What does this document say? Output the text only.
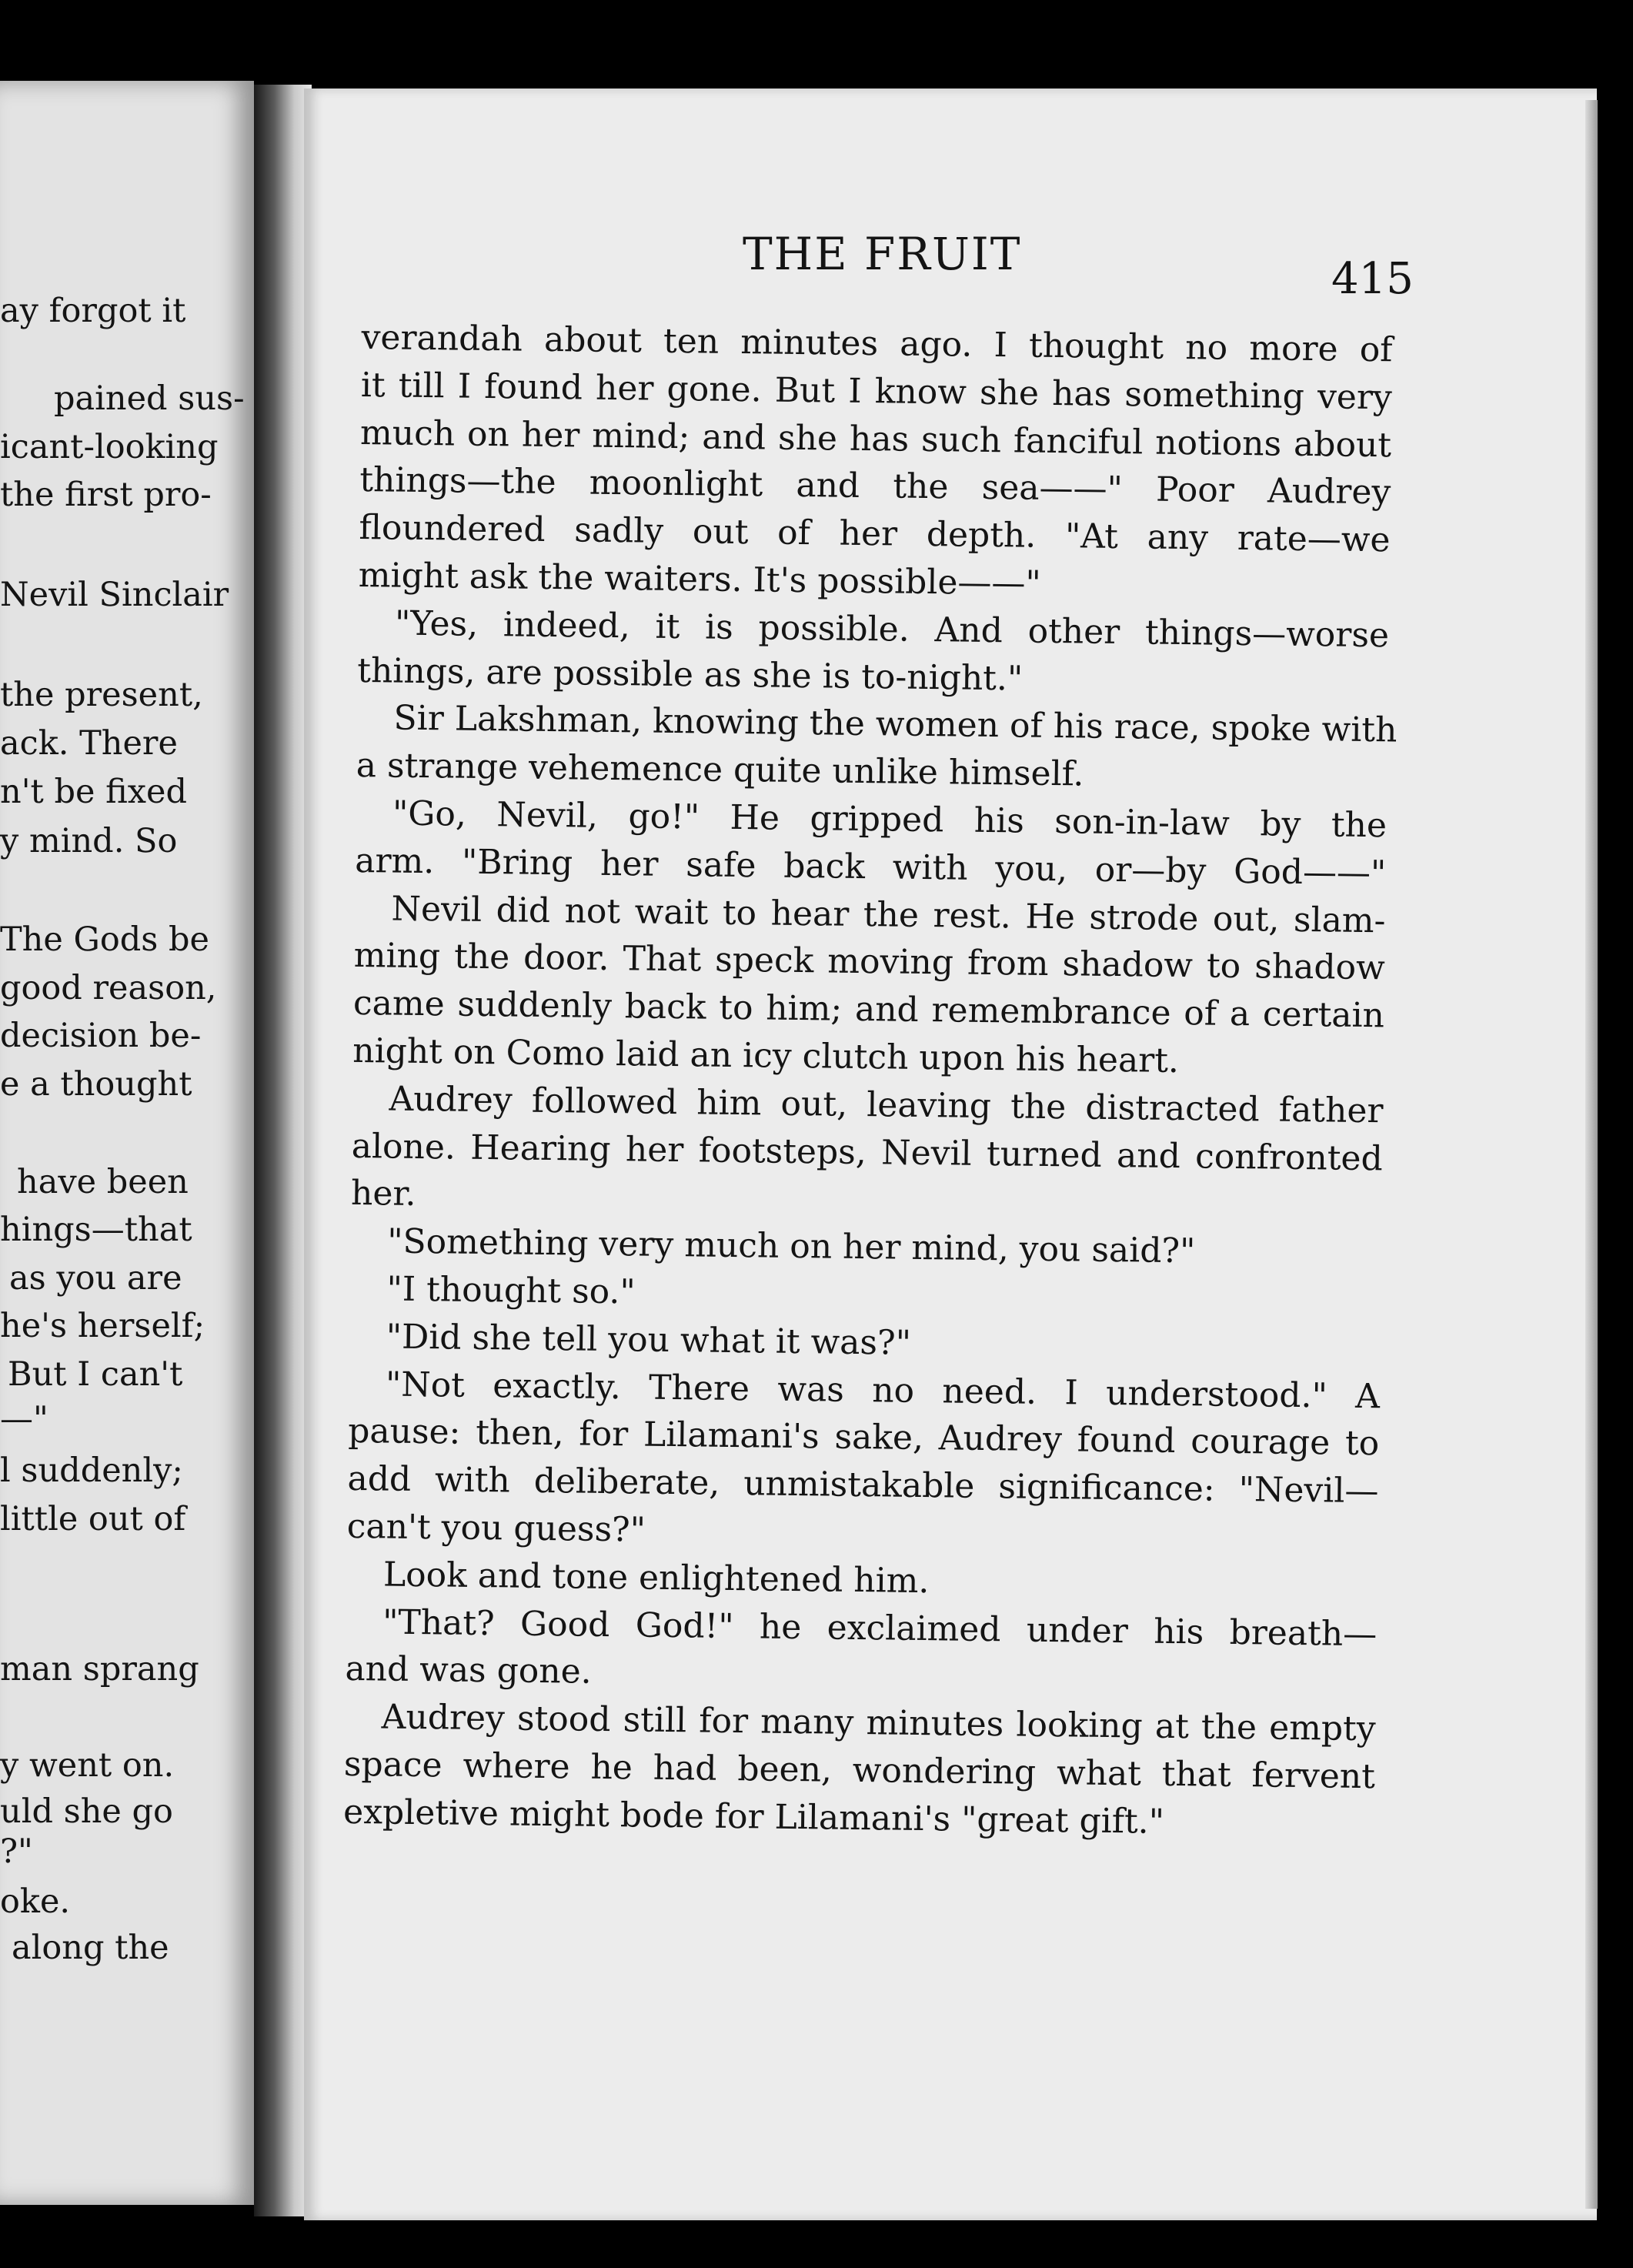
ay forgot it
pained sus-
icant-looking
the first pro-
Nevil Sinclair
the present,
ack. There
n't be fixed
y mind. So
The Gods be
good reason,
decision be-
e a thought
have been
hings—that
as you are
he's herself;
But I can't
—"
l suddenly;
little out of
man sprang
y went on.
uld she go
?"
oke.
along the
THE FRUIT	415
verandah about ten minutes ago. I thought no more of
it till I found her gone. But I know she has something very
much on her mind; and she has such fanciful notions about
things—the moonlight and the sea——" Poor Audrey
floundered sadly out of her depth. "At any rate—we
might ask the waiters. It's possible——"
"Yes, indeed, it is possible. And other things—worse
things, are possible as she is to-night."
Sir Lakshman, knowing the women of his race, spoke with
a strange vehemence quite unlike himself.
"Go, Nevil, go!" He gripped his son-in-law by the
arm. "Bring her safe back with you, or—by God——"
Nevil did not wait to hear the rest. He strode out, slam-
ming the door. That speck moving from shadow to shadow
came suddenly back to him; and remembrance of a certain
night on Como laid an icy clutch upon his heart.
Audrey followed him out, leaving the distracted father
alone. Hearing her footsteps, Nevil turned and confronted
her.
"Something very much on her mind, you said?"
"I thought so."
"Did she tell you what it was?"
"Not exactly. There was no need. I understood." A
pause: then, for Lilamani's sake, Audrey found courage to
add with deliberate, unmistakable significance: "Nevil—
can't you guess?"
Look and tone enlightened him.
"That? Good God!" he exclaimed under his breath—
and was gone.
Audrey stood still for many minutes looking at the empty
space where he had been, wondering what that fervent
expletive might bode for Lilamani's "great gift."
